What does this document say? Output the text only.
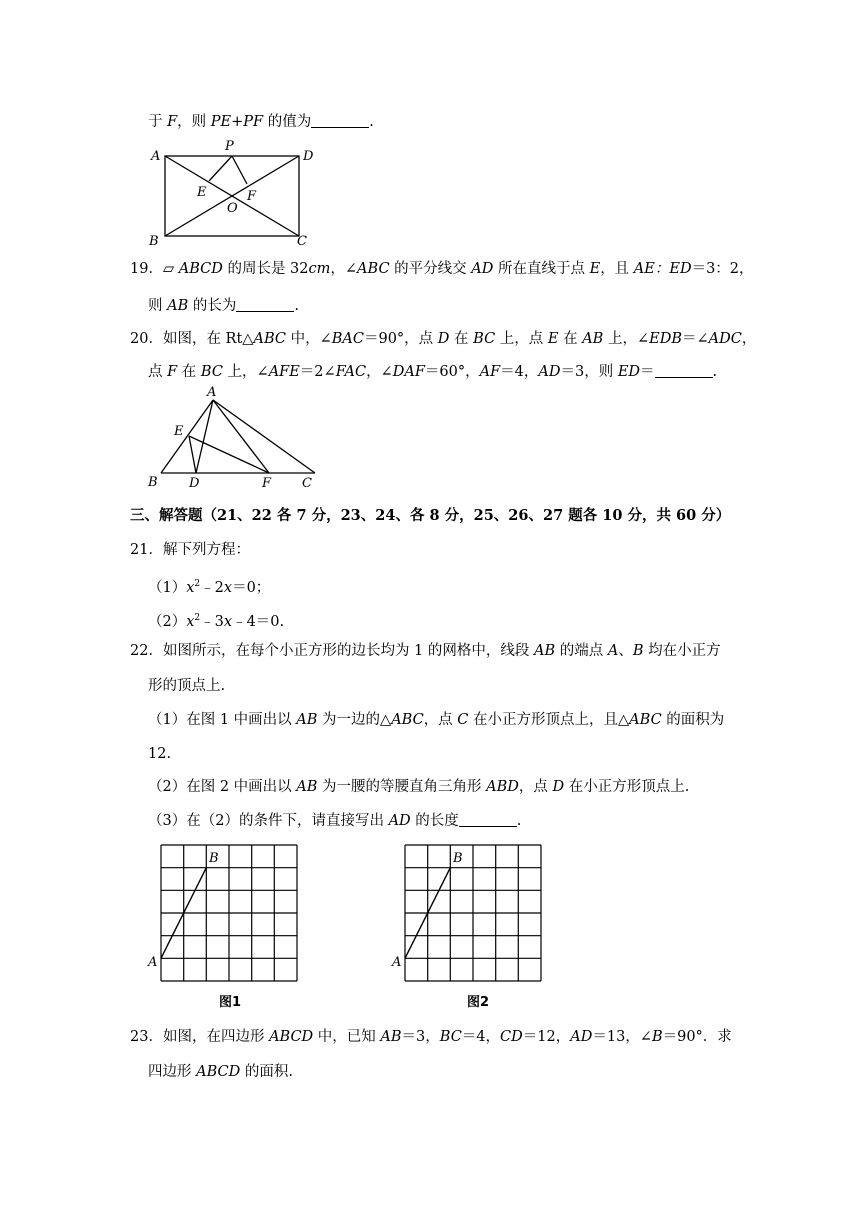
于 F，则 PE+PF 的值为	.
A
P
D
E
O
F
B	C
19．▱ ABCD 的周长是 32cm，∠ABC 的平分线交 AD 所在直线于点 E，且 AE：ED＝3：2，
则 AB 的长为	.
20．如图，在 Rt△ABC 中，∠BAC＝90°，点 D 在 BC 上，点 E 在 AB 上，∠EDB＝∠ADC，
点 F 在 BC 上，∠AFE＝2∠FAC，∠DAF＝60°，AF＝4，AD＝3，则 ED＝	.
A
E
B D	F C
三、解答题（21、22 各 7 分，23、24、各 8 分，25、26、27 题各 10 分，共 60 分）
21．解下列方程：
$(1)x^2﹣2x=0$；
$(2)x^2﹣3x﹣4=0$.
22．如图所示，在每个小正方形的边长均为 1 的网格中，线段 AB 的端点 A、B 均在小正方
形的顶点上.
（1）在图 1 中画出以 AB 为一边的△ABC，点 C 在小正方形顶点上，且△ABC 的面积为
12.
（2）在图 2 中画出以 AB 为一腰的等腰直角三角形 ABD，点 D 在小正方形顶点上.
（3）在（2）的条件下，请直接写出 AD 的长度	.
B
A
图1
B
A
图2
23．如图，在四边形 ABCD 中，已知 AB＝3，BC＝4，CD＝12，AD＝13，∠B＝90°．求
四边形 ABCD 的面积.
